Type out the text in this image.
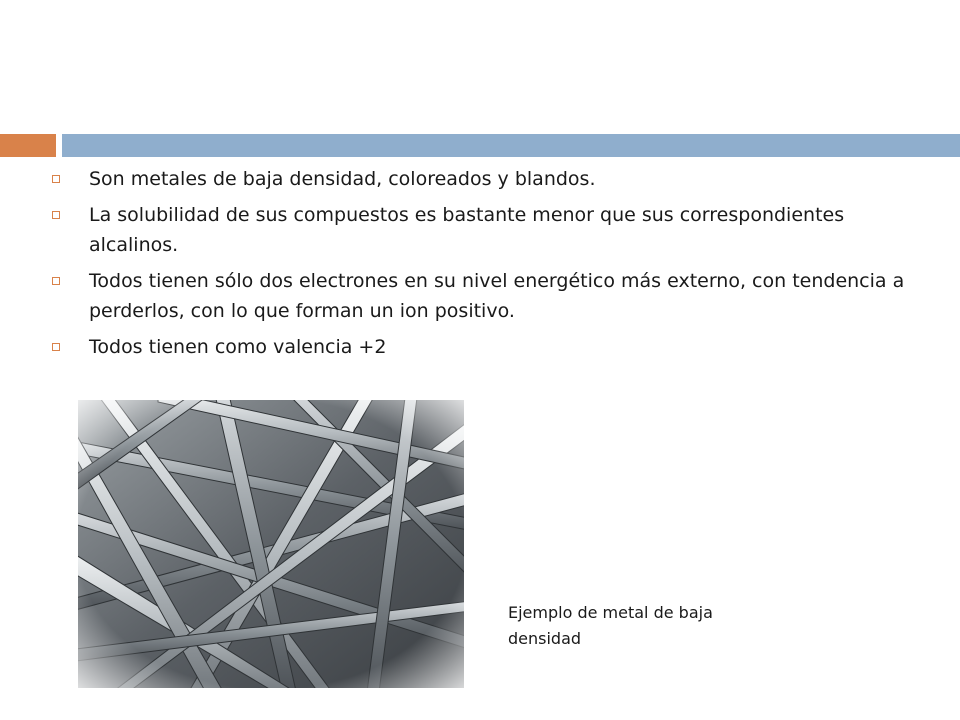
Son metales de baja densidad, coloreados y blandos.
La solubilidad de sus compuestos es bastante menor que sus correspondientes alcalinos.
Todos tienen sólo dos electrones en su nivel energético más externo, con tendencia a perderlos, con lo que forman un ion positivo.
Todos tienen como valencia +2
Ejemplo de metal de baja densidad
